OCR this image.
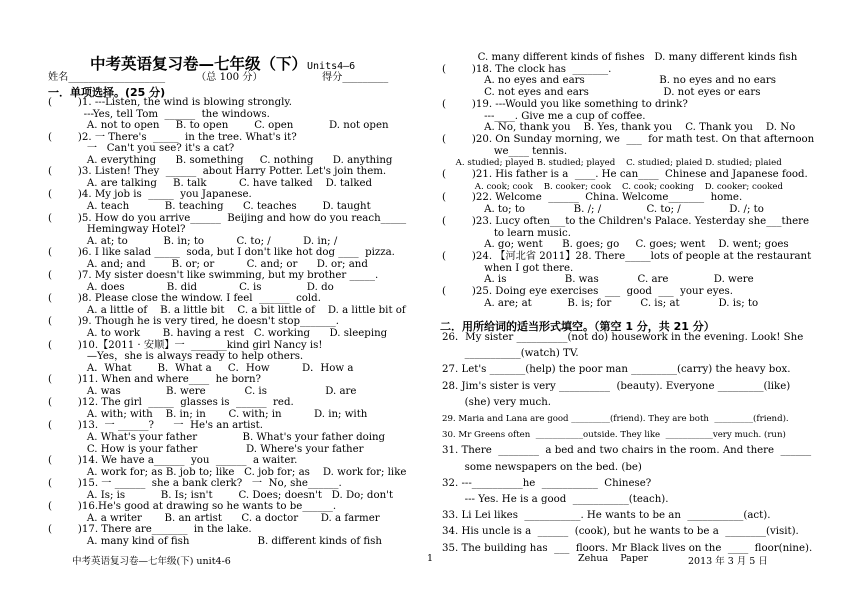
中考英语复习卷—七年级（下）Units4—6
姓名___________________	（总 100 分）	得分_________
一．单项选择。(25 分)
(        )1. ---Listen, the wind is blowing strongly.
---Yes, tell Tom  ______  the windows.
A. not to open     B. to open        C. open           D. not open
(        )2. 一 There's  _____  in the tree. What's it?
一   Can't you see? it's a cat?
A. everything      B. something     C. nothing      D. anything
(        )3. Listen! They  ______  about Harry Potter. Let's join them.
A. are talking     B. talk          C. have talked    D. talked
(        )4. My job is  _____  you Japanese.
A. teach           B. teaching      C. teaches        D. taught
(        )5. How do you arrive______  Beijing and how do you reach_____
Hemingway Hotel?
A. at; to           B. in; to          C. to; /          D. in; /
(        )6. I like salad _____  soda, but I don't like hot dog ____  pizza.
A. and; and        B. or; or          C. and; or      D. or; and
(        )7. My sister doesn't like swimming, but my brother _____.
A. does             B. did             C. is              D. do
(        )8. Please close the window. I feel  ______  cold.
A. a little of    B. a little bit    C. a bit little of    D. a little bit of
(        )9. Though he is very tired, he doesn't stop_______.
A. to work       B. having a rest   C. working      D. sleeping
(        )10.【2011 · 安顺】一  _______kind girl Nancy is!
—Yes，she is always ready to help others.
A．What        B．What a     C．How          D．How a
(        )11. When and where____  he born?
A. was              B. were            C. is                  D. are
(        )12. The girl  _____  glasses is  ______  red.
A. with; with    B. in; in       C. with; in          D. in; with
(        )13.  一 ______?      一  He's an artist.
A. What's your father              B. What's your father doing
C. How is your father               D. Where's your father
(        )14. We have a______  you  ______  a waiter.
A. work for; as B. job to; like   C. job for; as    D. work for; like
(        )15. 一 ______  she a bank clerk?   一  No, she______.
A. Is; is           B. Is; isn't        C. Does; doesn't   D. Do; don't
(        )16.He's good at drawing so he wants to be______.
A. a writer       B. an artist      C. a doctor       D. a farmer
(        )17. There are_______  in the lake.
A. many kind of fish                     B. different kinds of fish
C. many different kinds of fishes   D. many different kinds fish
(        )18. The clock has  _______.
A. no eyes and ears                       B. no eyes and no ears
C. not eyes and ears                       D. not eyes or ears
(        )19. ---Would you like something to drink?
---____. Give me a cup of coffee.
A. No, thank you    B. Yes, thank you    C. Thank you    D. No
(        )20. On Sunday morning, we  ___  for math test. On that afternoon
we____ tennis.
A. studied; played B. studied; played    C. studied; plaied D. studied; plaied
(        )21. His father is a  ____. He can____  Chinese and Japanese food.
A. cook; cook    B. cooker; cook    C. cook; cooking    D. cooker; cooked
(        )22. Welcome  ______  China. Welcome_______  home.
A. to; to               B. /; /              C. to; /               D. /; to
(        )23. Lucy often___to the Children's Palace. Yesterday she___there
to learn music.
A. go; went      B. goes; go     C. goes; went    D. went; goes
(        )24. 【河北省 2011】28. There_____lots of people at the restaurant
when I got there.
A. is                  B. was            C. are              D. were
(        )25. Doing eye exercises  ___  good  ___  your eyes.
A. are; at           B. is; for         C. is; at            D. is; to
二．用所给词的适当形式填空。（第空 1 分，共 21 分）
26．My sister __________(not do) housework in the evening. Look! She
___________(watch) TV.
27. Let's _______(help) the poor man _________(carry) the heavy box.
28. Jim's sister is very __________  (beauty). Everyone _________(like)
(she) very much.
29. Maria and Lana are good _________(friend). They are both  _________(friend).
30. Mr Greens often  ___________outside. They like  ___________very much. (run)
31. There  ________  a bed and two chairs in the room. And there  ______
some newspapers on the bed. (be)
32. ---__________he  ___________  Chinese?
--- Yes. He is a good  ___________(teach).
33. Li Lei likes  ___________. He wants to be an  ___________(act).
34. His uncle is a  ______  (cook), but he wants to be a  ________(visit).
35. The building has  ___  floors. Mr Black lives on the  ____  floor(nine).
中考英语复习卷—七年级(下) unit4-6	1	Zehua    Paper	2013 年 3 月 5 日
